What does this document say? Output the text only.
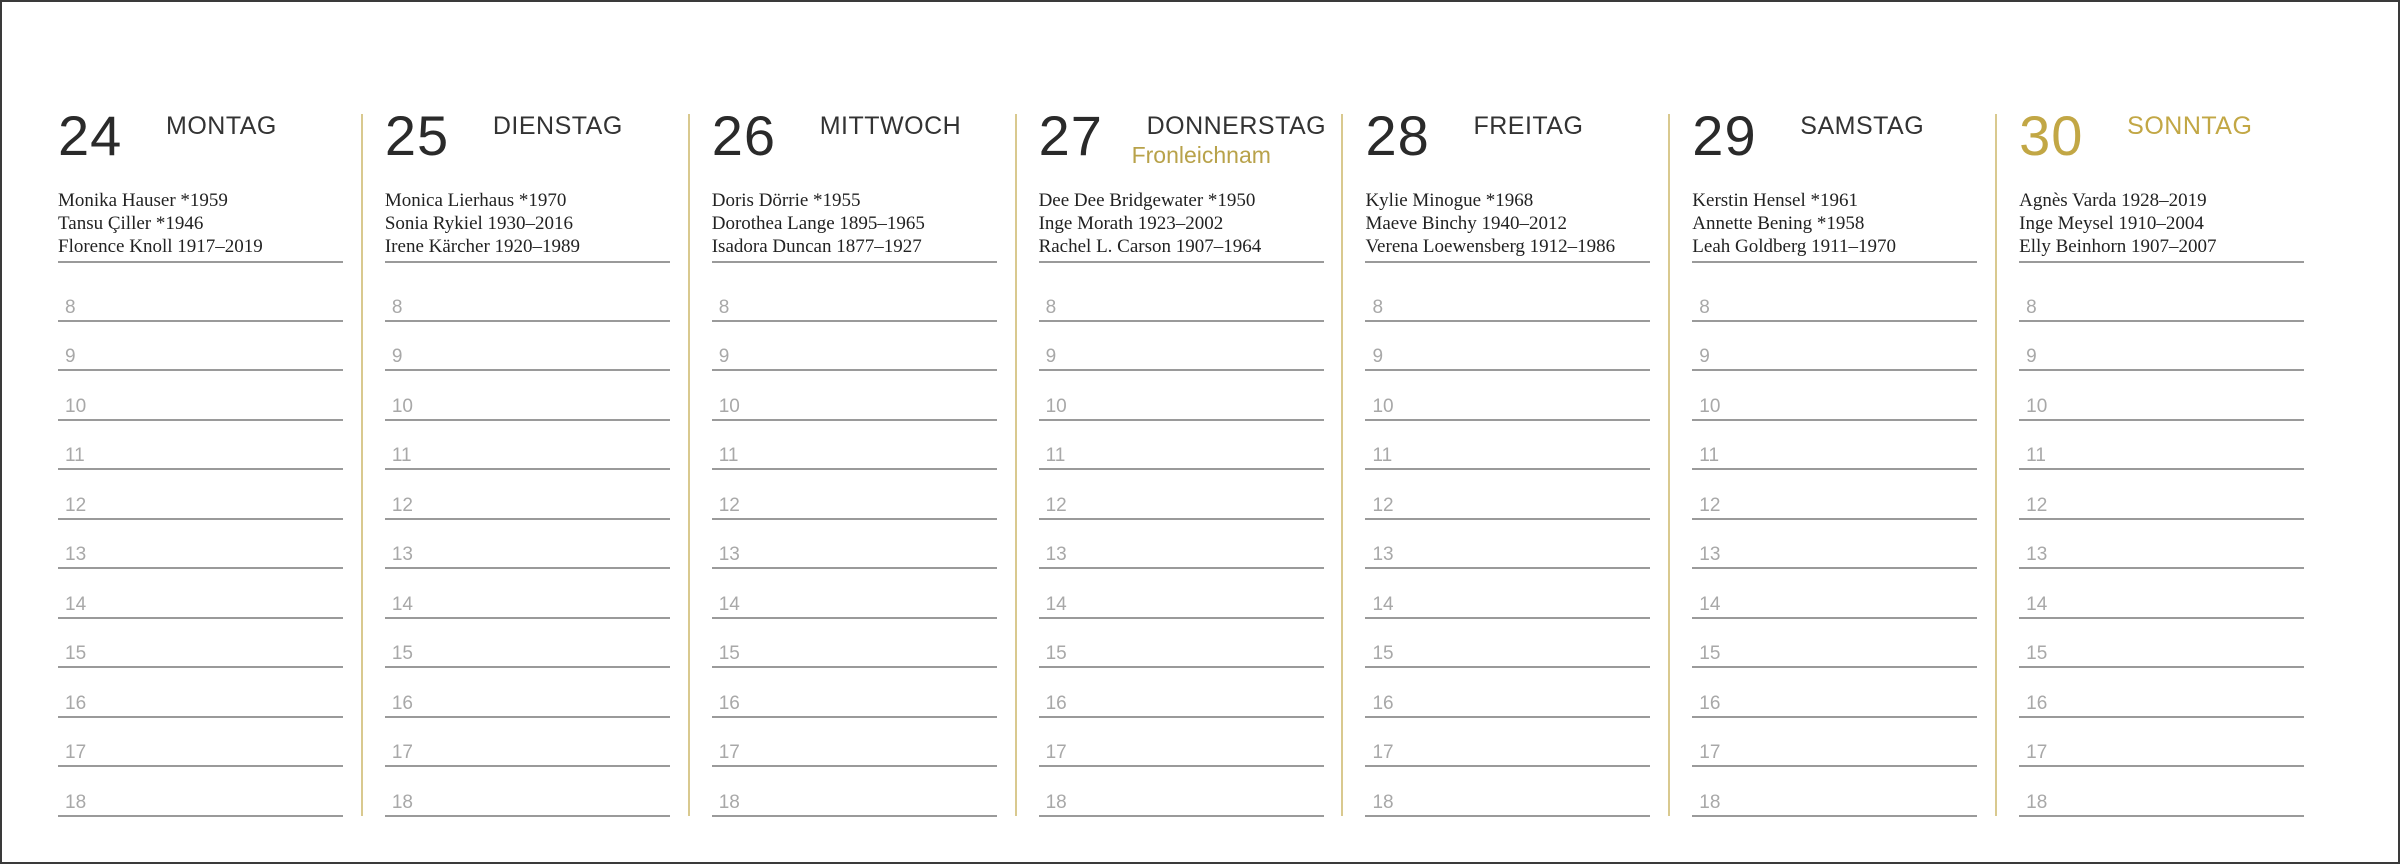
24 MONTAG
Monika Hauser *1959
Tansu Çiller *1946
Florence Knoll 1917–2019
8
9
10
11
12
13
14
15
16
17
18
25 DIENSTAG
Monica Lierhaus *1970
Sonia Rykiel 1930–2016
Irene Kärcher 1920–1989
8
9
10
11
12
13
14
15
16
17
18
26 MITTWOCH
Doris Dörrie *1955
Dorothea Lange 1895–1965
Isadora Duncan 1877–1927
8
9
10
11
12
13
14
15
16
17
18
27 DONNERSTAG
Fronleichnam
Dee Dee Bridgewater *1950
Inge Morath 1923–2002
Rachel L. Carson 1907–1964
8
9
10
11
12
13
14
15
16
17
18
28 FREITAG
Kylie Minogue *1968
Maeve Binchy 1940–2012
Verena Loewensberg 1912–1986
8
9
10
11
12
13
14
15
16
17
18
29 SAMSTAG
Kerstin Hensel *1961
Annette Bening *1958
Leah Goldberg 1911–1970
8
9
10
11
12
13
14
15
16
17
18
30 SONNTAG
Agnès Varda 1928–2019
Inge Meysel 1910–2004
Elly Beinhorn 1907–2007
8
9
10
11
12
13
14
15
16
17
18
